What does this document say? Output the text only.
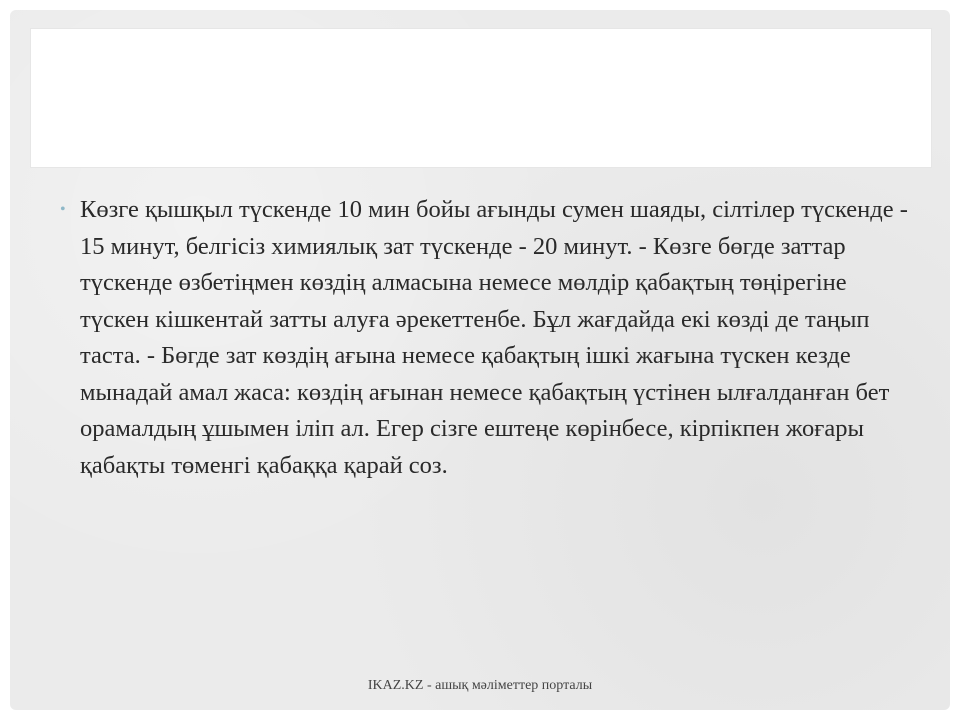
• Көзге қышқыл түскенде 10 мин бойы ағынды сумен шаяды, сілтілер түскенде - 15 минут, белгісіз химиялық зат түскенде - 20 минут. - Көзге бөгде заттар түскенде өзбетіңмен көздің алмасына немесе мөлдір қабақтың төңірегіне түскен кішкентай затты алуға әрекеттенбе. Бұл жағдайда екі көзді де таңып таста. - Бөгде зат көздің ағына немесе қабақтың ішкі жағына түскен кезде мынадай амал жаса: көздің ағынан немесе қабақтың үстінен ылғалданған бет орамалдың ұшымен іліп ал. Егер сізге ештеңе көрінбесе, кірпікпен жоғары қабақты төменгі қабаққа қарай соз.

IKAZ.KZ - ашық мәліметтер порталы
